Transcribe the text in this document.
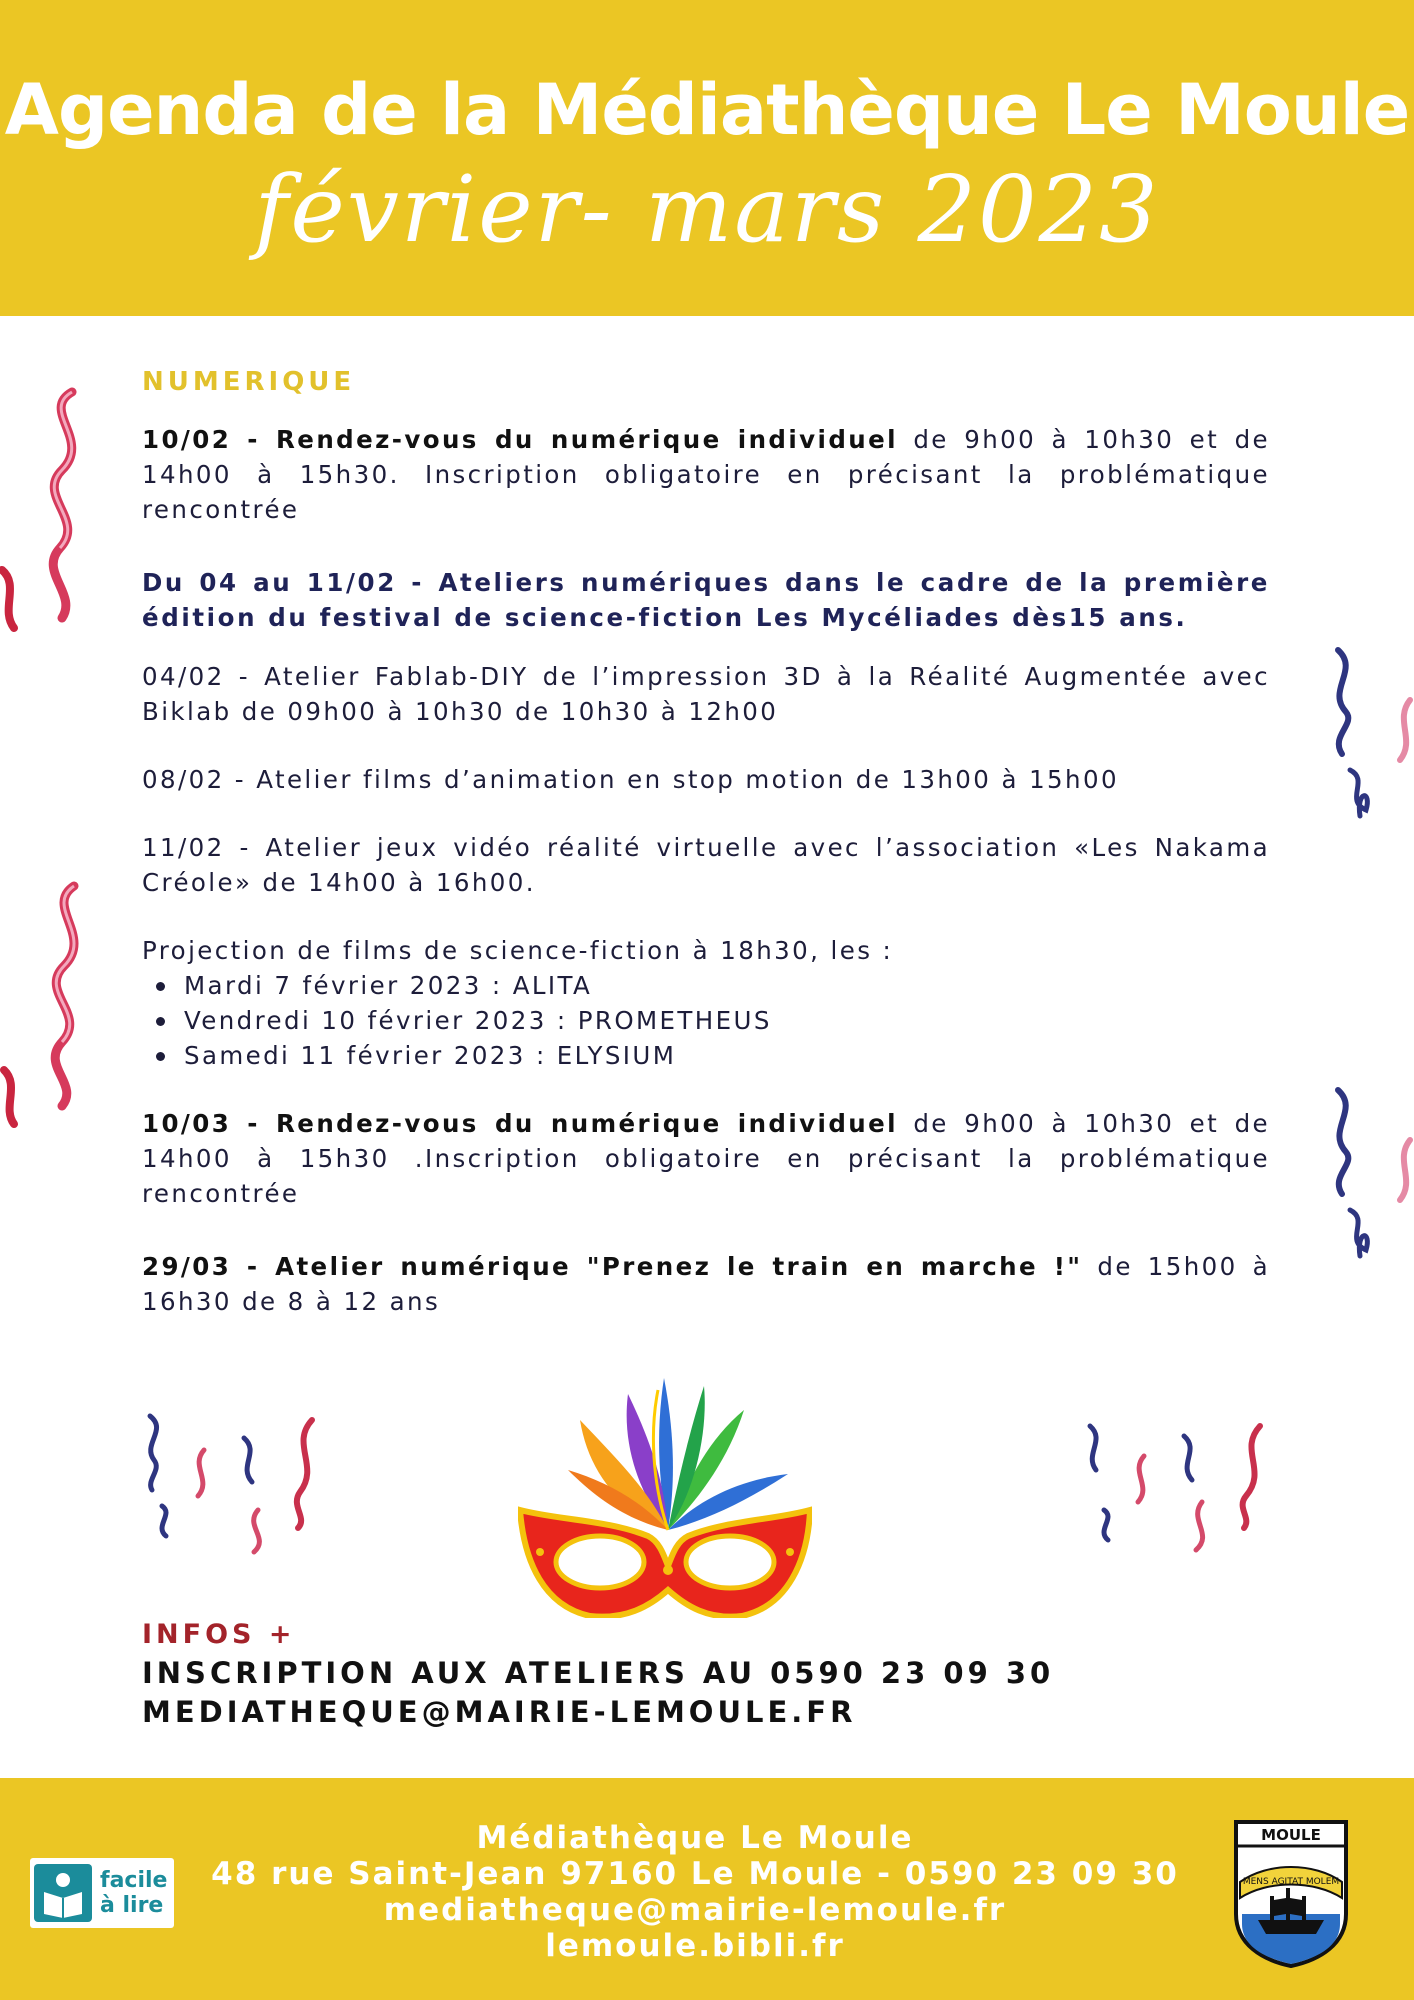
Agenda de la Médiathèque Le Moule
février- mars 2023
NUMERIQUE

10/02 - Rendez-vous du numérique individuel de 9h00 à 10h30 et de 14h00 à 15h30. Inscription obligatoire en précisant la problématique rencontrée

Du 04 au 11/02 - Ateliers numériques dans le cadre de la première édition du festival de science-fiction Les Mycéliades dès15 ans.

04/02 - Atelier Fablab-DIY de l’impression 3D à la Réalité Augmentée avec Biklab de 09h00 à 10h30 de 10h30 à 12h00

08/02 - Atelier films d’animation en stop motion de 13h00 à 15h00

11/02 - Atelier jeux vidéo réalité virtuelle avec l’association «Les Nakama Créole» de 14h00 à 16h00.

Projection de films de science-fiction à 18h30, les :

Mardi 7 février 2023 : ALITA
Vendredi 10 février 2023 : PROMETHEUS
Samedi 11 février 2023 : ELYSIUM

10/03 - Rendez-vous du numérique individuel de 9h00 à 10h30 et de 14h00 à 15h30 .Inscription obligatoire en précisant la problématique rencontrée

29/03 - Atelier numérique "Prenez le train en marche !" de 15h00 à 16h30 de 8 à 12 ans

INFOS +
INSCRIPTION AUX ATELIERS AU 0590 23 09 30
MEDIATHEQUE@MAIRIE-LEMOULE.FR
facile à lire
Médiathèque Le Moule
48 rue Saint-Jean 97160 Le Moule - 0590 23 09 30
mediatheque@mairie-lemoule.fr
lemoule.bibli.fr
MOULE
MENS AGITAT MOLEM
